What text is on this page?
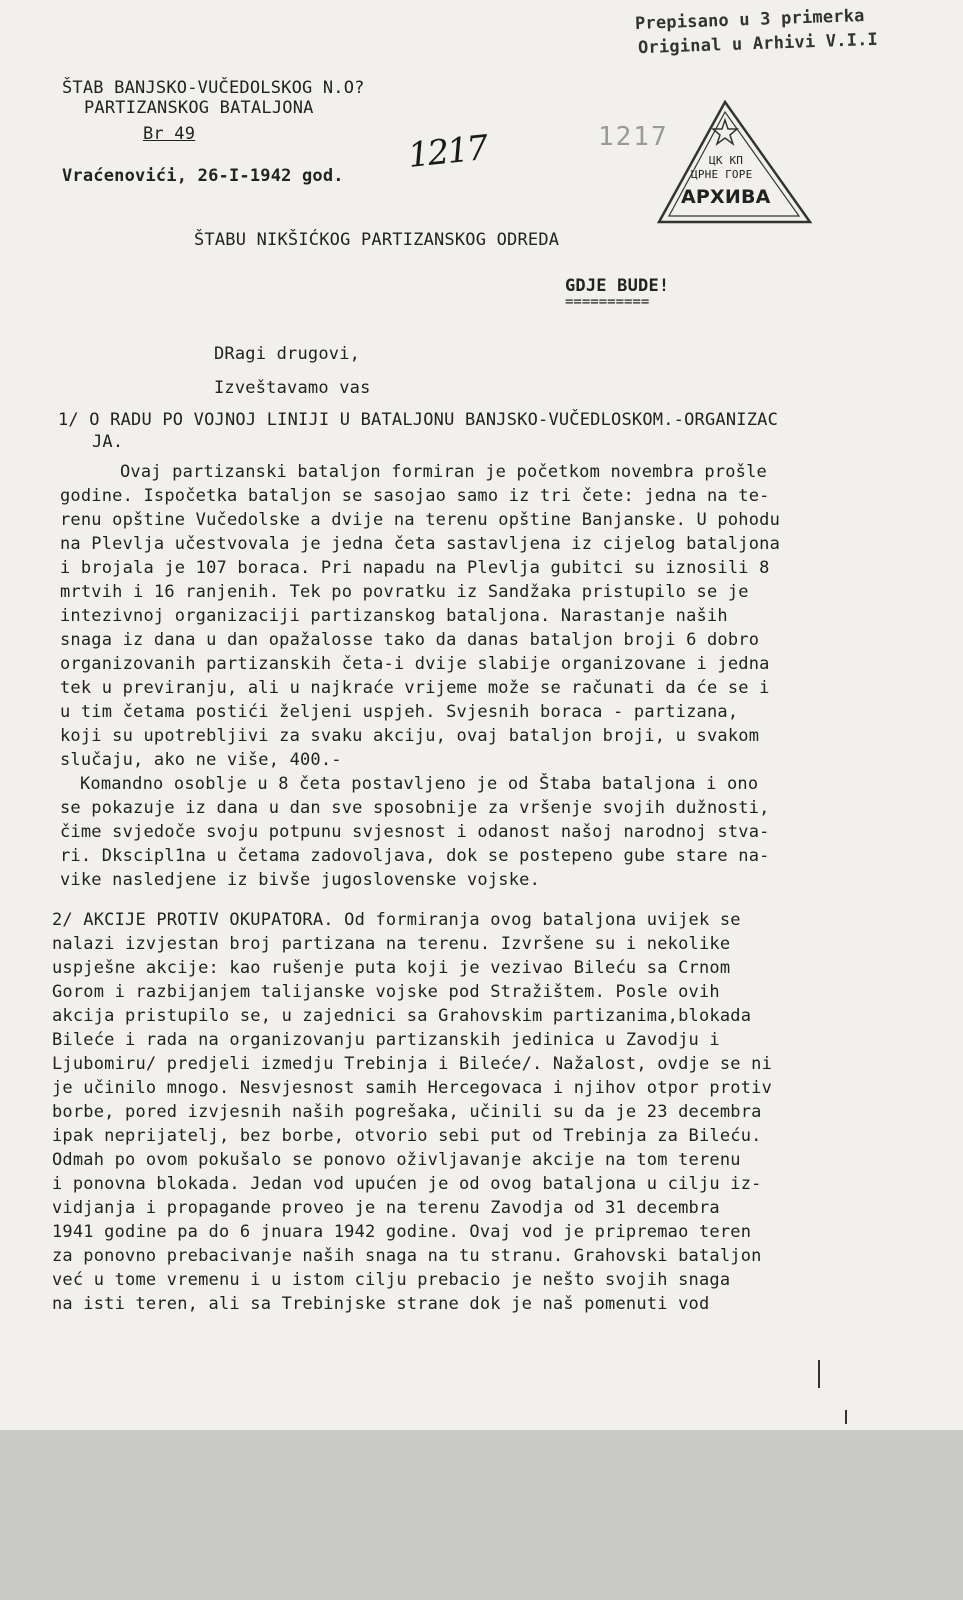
Prepisano u 3 primerka
Original u Arhivi V.I.I
ŠTAB BANJSKO-VUČEDOLSKOG N.O?
PARTIZANSKOG BATALJONA
Br 49
Vraćenovići, 26-I-1942 god.
1217	1217
ЦК КП
ЦРНЕ ГОРЕ
АРХИВА
ŠTABU NIKŠIĆKOG PARTIZANSKOG ODREDA
GDJE BUDE!
==========
DRagi drugovi,
Izveštavamo vas
1/ O RADU PO VOJNOJ LINIJI U BATALJONU BANJSKO-VUČEDLOSKOM.-ORGANIZAC
JA.
Ovaj partizanski bataljon formiran je početkom novembra prošle
godine. Ispočetka bataljon se sasojao samo iz tri čete: jedna na te-
renu opštine Vučedolske a dvije na terenu opštine Banjanske. U pohodu
na Plevlja učestvovala je jedna četa sastavljena iz cijelog bataljona
i brojala je 107 boraca. Pri napadu na Plevlja gubitci su iznosili 8
mrtvih i 16 ranjenih. Tek po povratku iz Sandžaka pristupilo se je
intezivnoj organizaciji partizanskog bataljona. Narastanje naših
snaga iz dana u dan opažalosse tako da danas bataljon broji 6 dobro
organizovanih partizanskih četa-i dvije slabije organizovane i jedna
tek u previranju, ali u najkraće vrijeme može se računati da će se i
u tim četama postići željeni uspjeh. Svjesnih boraca - partizana,
koji su upotrebljivi za svaku akciju, ovaj bataljon broji, u svakom
slučaju, ako ne više, 400.-
Komandno osoblje u 8 četa postavljeno je od Štaba bataljona i ono
se pokazuje iz dana u dan sve sposobnije za vršenje svojih dužnosti,
čime svjedoče svoju potpunu svjesnost i odanost našoj narodnoj stva-
ri. Dkscipl1na u četama zadovoljava, dok se postepeno gube stare na-
vike nasledjene iz bivše jugoslovenske vojske.
2/ AKCIJE PROTIV OKUPATORA. Od formiranja ovog bataljona uvijek se
nalazi izvjestan broj partizana na terenu. Izvršene su i nekolike
uspješne akcije: kao rušenje puta koji je vezivao Bileću sa Crnom
Gorom i razbijanjem talijanske vojske pod Stražištem. Posle ovih
akcija pristupilo se, u zajednici sa Grahovskim partizanima,blokada
Bileće i rada na organizovanju partizanskih jedinica u Zavodju i
Ljubomiru/ predjeli izmedju Trebinja i Bileće/. Nažalost, ovdje se ni
je učinilo mnogo. Nesvjesnost samih Hercegovaca i njihov otpor protiv
borbe, pored izvjesnih naših pogrešaka, učinili su da je 23 decembra
ipak neprijatelj, bez borbe, otvorio sebi put od Trebinja za Bileću.
Odmah po ovom pokušalo se ponovo oživljavanje akcije na tom terenu
i ponovna blokada. Jedan vod upućen je od ovog bataljona u cilju iz-
vidjanja i propagande proveo je na terenu Zavodja od 31 decembra
1941 godine pa do 6 jnuara 1942 godine. Ovaj vod je pripremao teren
za ponovno prebacivanje naših snaga na tu stranu. Grahovski bataljon
već u tome vremenu i u istom cilju prebacio je nešto svojih snaga
na isti teren, ali sa Trebinjske strane dok je naš pomenuti vod
